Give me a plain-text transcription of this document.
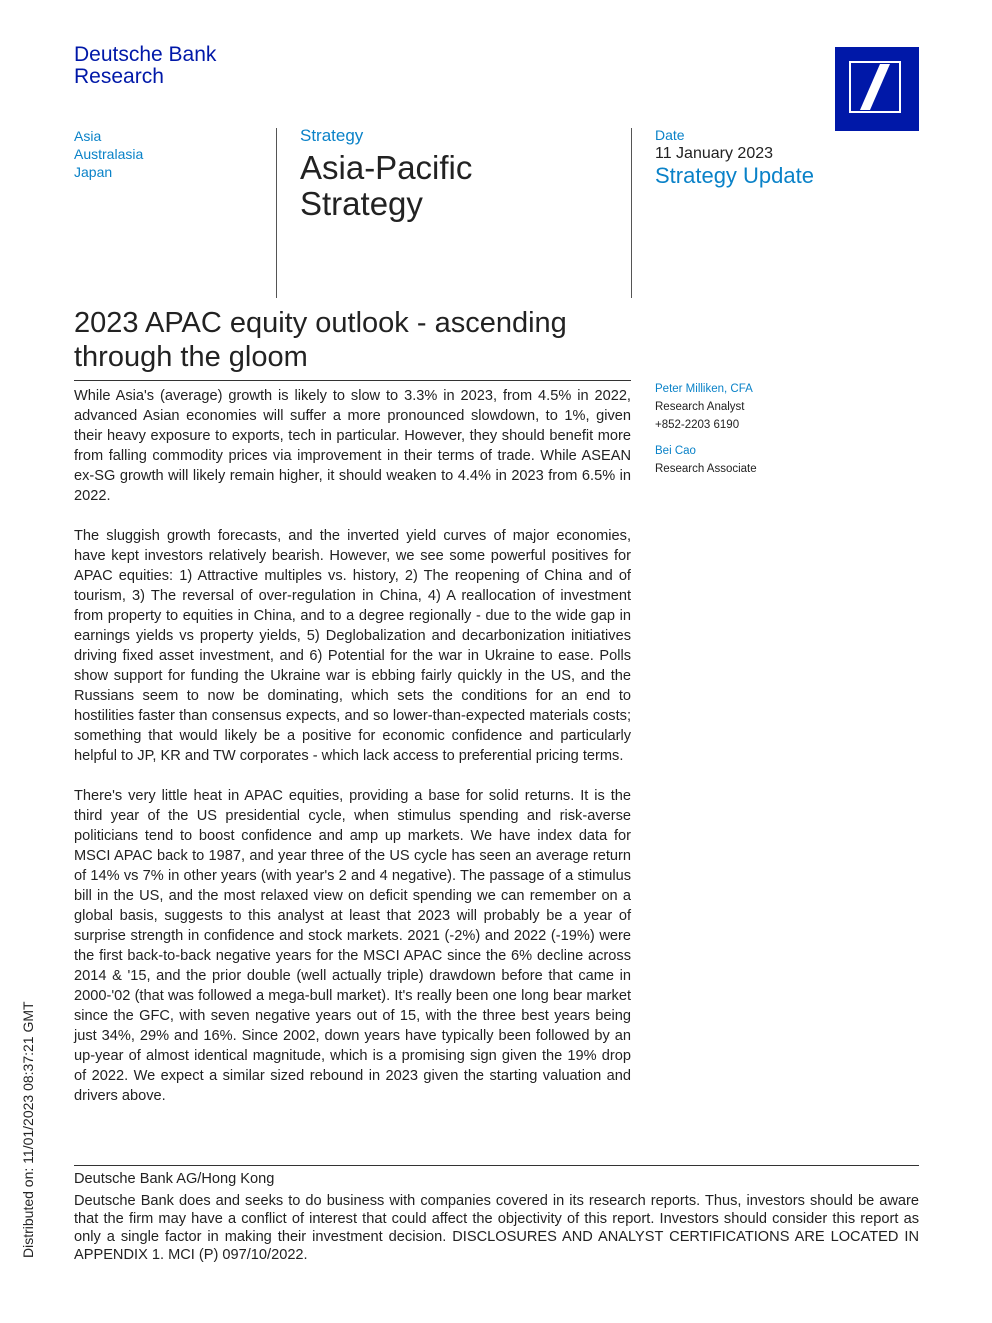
Deutsche Bank
Research
Asia
Australasia
Japan
Strategy
Asia-Pacific
Strategy
Date
11 January 2023
Strategy Update
2023 APAC equity outlook - ascending
through the gloom

While Asia's (average) growth is likely to slow to 3.3% in 2023, from 4.5% in 2022, advanced Asian economies will suffer a more pronounced slowdown, to 1%, given their heavy exposure to exports, tech in particular. However, they should benefit more from falling commodity prices via improvement in their terms of trade. While ASEAN ex-SG growth will likely remain higher, it should weaken to 4.4% in 2023 from 6.5% in 2022.

The sluggish growth forecasts, and the inverted yield curves of major economies, have kept investors relatively bearish. However, we see some powerful positives for APAC equities: 1) Attractive multiples vs. history, 2) The reopening of China and of tourism, 3) The reversal of over-regulation in China, 4) A reallocation of investment from property to equities in China, and to a degree regionally - due to the wide gap in earnings yields vs property yields, 5) Deglobalization and decarbonization initiatives driving fixed asset investment, and 6) Potential for the war in Ukraine to ease. Polls show support for funding the Ukraine war is ebbing fairly quickly in the US, and the Russians seem to now be dominating, which sets the conditions for an end to hostilities faster than consensus expects, and so lower-than-expected materials costs; something that would likely be a positive for economic confidence and particularly helpful to JP, KR and TW corporates - which lack access to preferential pricing terms.

There's very little heat in APAC equities, providing a base for solid returns. It is the third year of the US presidential cycle, when stimulus spending and risk-averse politicians tend to boost confidence and amp up markets. We have index data for MSCI APAC back to 1987, and year three of the US cycle has seen an average return of 14% vs 7% in other years (with year's 2 and 4 negative). The passage of a stimulus bill in the US, and the most relaxed view on deficit spending we can remember on a global basis, suggests to this analyst at least that 2023 will probably be a year of surprise strength in confidence and stock markets. 2021 (-2%) and 2022 (-19%) were the first back-to-back negative years for the MSCI APAC since the 6% decline across 2014 & '15, and the prior double (well actually triple) drawdown before that came in 2000-'02 (that was followed a mega-bull market). It's really been one long bear market since the GFC, with seven negative years out of 15, with the three best years being just 34%, 29% and 16%. Since 2002, down years have typically been followed by an up-year of almost identical magnitude, which is a promising sign given the 19% drop of 2022. We expect a similar sized rebound in 2023 given the starting valuation and drivers above.

Peter Milliken, CFA
Research Analyst
+852-2203 6190
Bei Cao
Research Associate
Deutsche Bank AG/Hong Kong
Deutsche Bank does and seeks to do business with companies covered in its research reports. Thus, investors should be aware that the firm may have a conflict of interest that could affect the objectivity of this report. Investors should consider this report as only a single factor in making their investment decision. DISCLOSURES AND ANALYST CERTIFICATIONS ARE LOCATED IN APPENDIX 1. MCI (P) 097/10/2022.
Distributed on: 11/01/2023 08:37:21 GMT
